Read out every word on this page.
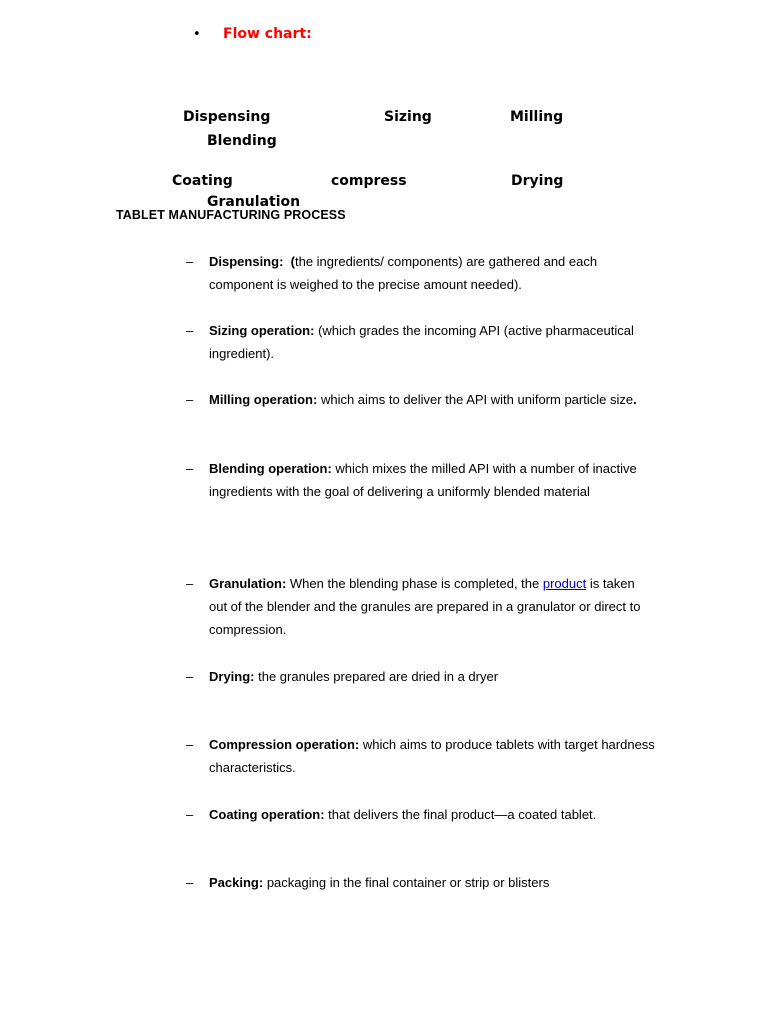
• Flow chart:
Dispensing	Sizing	Milling
Blending
Coating	compress	Drying
Granulation
TABLET MANUFACTURING PROCESS
– Dispensing: (the ingredients/ components) are gathered and each component is weighed to the precise amount needed).
– Sizing operation: (which grades the incoming API (active pharmaceutical ingredient).
– Milling operation: which aims to deliver the API with uniform particle size.
– Blending operation: which mixes the milled API with a number of inactive ingredients with the goal of delivering a uniformly blended material
– Granulation: When the blending phase is completed, the product is taken out of the blender and the granules are prepared in a granulator or direct to compression.
– Drying: the granules prepared are dried in a dryer
– Compression operation: which aims to produce tablets with target hardness characteristics.
– Coating operation: that delivers the final product—a coated tablet.
– Packing: packaging in the final container or strip or blisters
